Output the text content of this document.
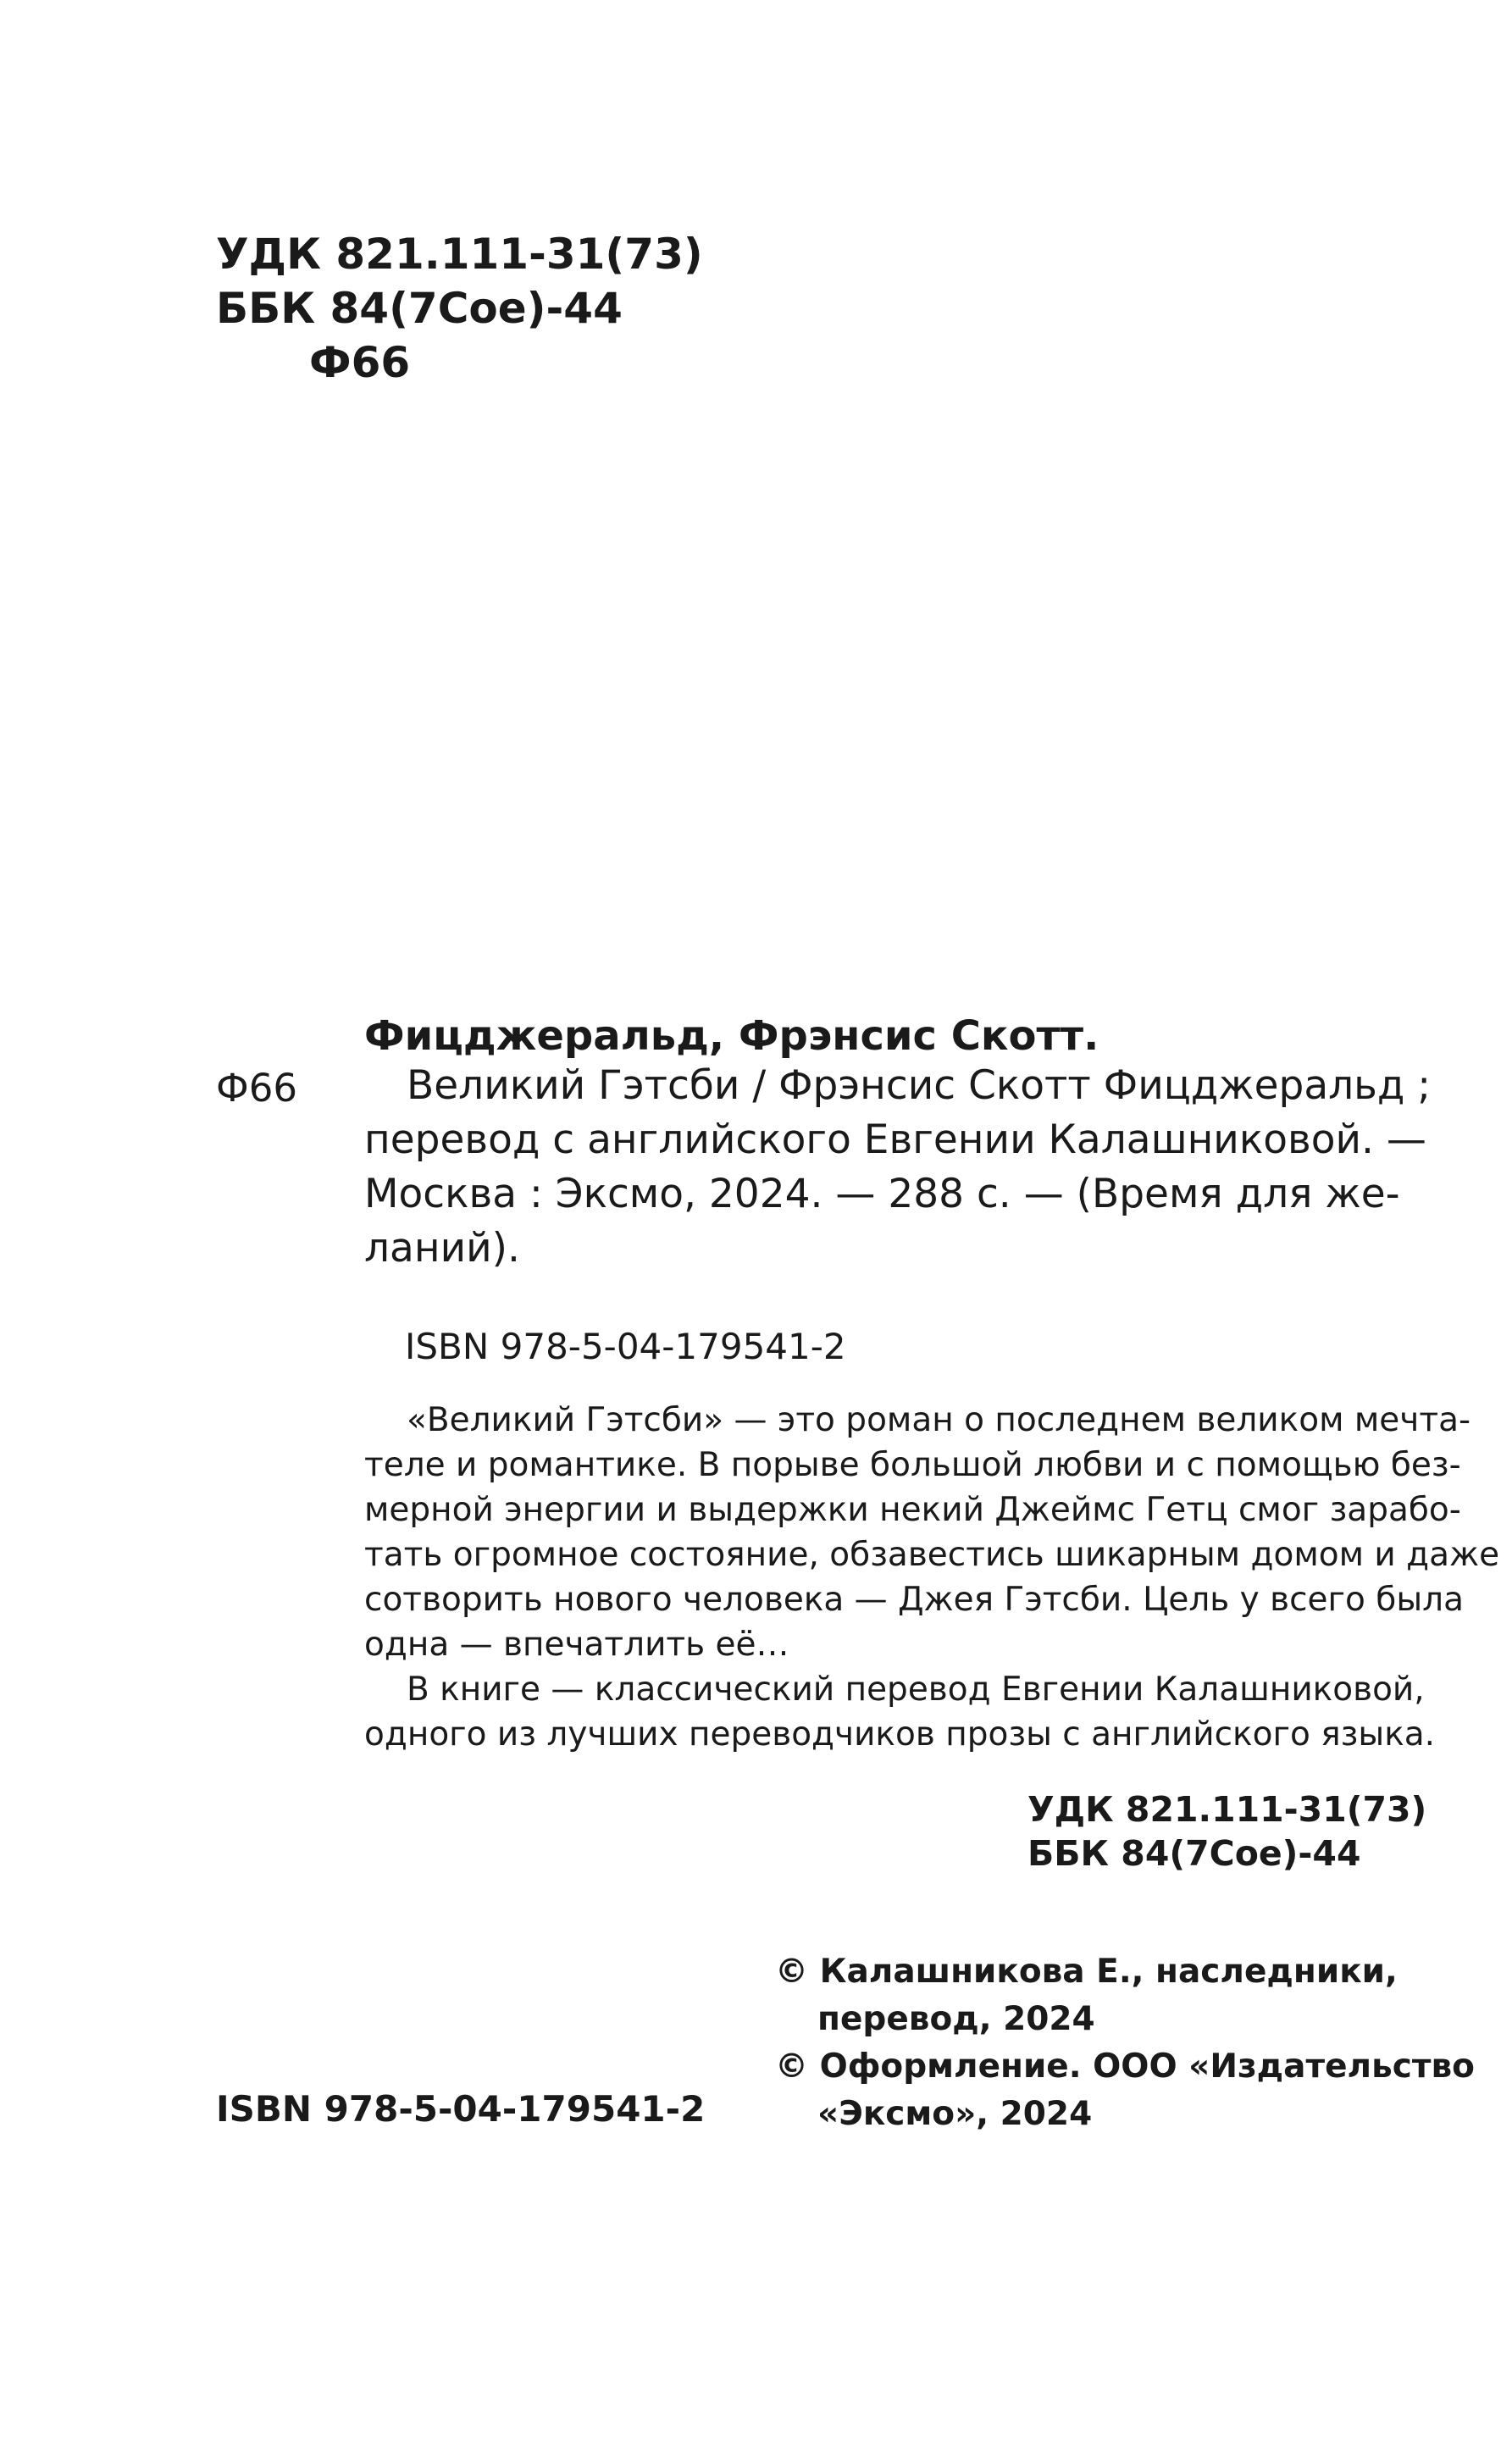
УДК 821.111-31(73)
ББК 84(7Сое)-44
Ф66
Фицджеральд, Фрэнсис Скотт.
Ф66	Великий Гэтсби / Фрэнсис Скотт Фицджеральд ;
перевод с английского Евгении Калашниковой. —
Москва : Эксмо, 2024. — 288 с. — (Время для же-
ланий).
ISBN 978-5-04-179541-2
«Великий Гэтсби» — это роман о последнем великом мечта-
теле и романтике. В порыве большой любви и с помощью без-
мерной энергии и выдержки некий Джеймс Гетц смог зарабо-
тать огромное состояние, обзавестись шикарным домом и даже
сотворить нового человека — Джея Гэтсби. Цель у всего была
одна — впечатлить её…
В книге — классический перевод Евгении Калашниковой,
одного из лучших переводчиков прозы с английского языка.
УДК 821.111-31(73)
ББК 84(7Сое)-44
© Калашникова Е., наследники,
перевод, 2024
© Оформление. ООО «Издательство
«Эксмо», 2024
ISBN 978-5-04-179541-2
